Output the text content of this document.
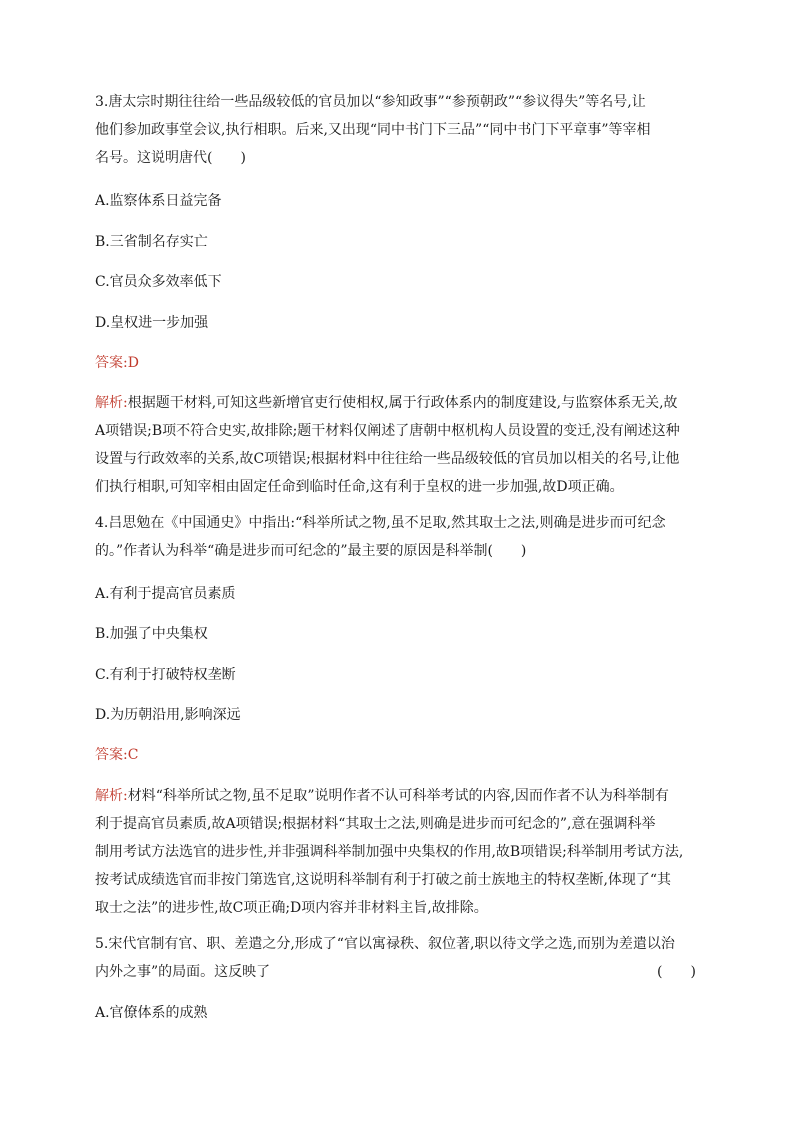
3.唐太宗时期往往给一些品级较低的官员加以“参知政事”“参预朝政”“参议得失”等名号,让
他们参加政事堂会议,执行相职。后来,又出现“同中书门下三品”“同中书门下平章事”等宰相
名号。这说明唐代(　　)
A.监察体系日益完备
B.三省制名存实亡
C.官员众多效率低下
D.皇权进一步加强
答案:D
解析:根据题干材料,可知这些新增官吏行使相权,属于行政体系内的制度建设,与监察体系无关,故
A项错误;B项不符合史实,故排除;题干材料仅阐述了唐朝中枢机构人员设置的变迁,没有阐述这种
设置与行政效率的关系,故C项错误;根据材料中往往给一些品级较低的官员加以相关的名号,让他
们执行相职,可知宰相由固定任命到临时任命,这有利于皇权的进一步加强,故D项正确。
4.吕思勉在《中国通史》中指出:“科举所试之物,虽不足取,然其取士之法,则确是进步而可纪念
的。”作者认为科举“确是进步而可纪念的”最主要的原因是科举制(　　)
A.有利于提高官员素质
B.加强了中央集权
C.有利于打破特权垄断
D.为历朝沿用,影响深远
答案:C
解析:材料“科举所试之物,虽不足取”说明作者不认可科举考试的内容,因而作者不认为科举制有
利于提高官员素质,故A项错误;根据材料“其取士之法,则确是进步而可纪念的”,意在强调科举
制用考试方法选官的进步性,并非强调科举制加强中央集权的作用,故B项错误;科举制用考试方法,
按考试成绩选官而非按门第选官,这说明科举制有利于打破之前士族地主的特权垄断,体现了“其
取士之法”的进步性,故C项正确;D项内容并非材料主旨,故排除。
5.宋代官制有官、职、差遣之分,形成了“官以寓禄秩、叙位著,职以待文学之选,而别为差遣以治
内外之事”的局面。这反映了	(　　)
A.官僚体系的成熟
